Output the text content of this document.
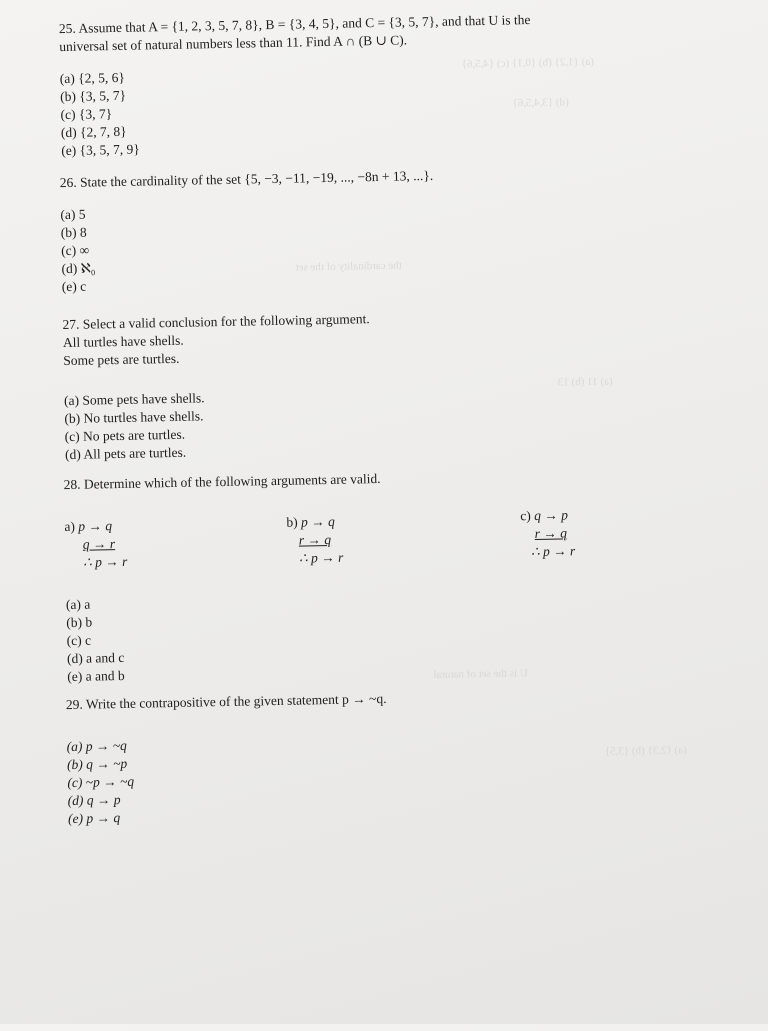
(a) {1,2} (b) {0,1} (c) {4,5,6}
(d) {3,4,5,6}
the cardinality of the set
(a) 11 (b) 13
U is the set of natural
(a) {2,3} (b) {3,5}

25. Assume that A = {1, 2, 3, 5, 7, 8}, B = {3, 4, 5}, and C = {3, 5, 7}, and that U is the

universal set of natural numbers less than 11. Find A ∩ (B ∪ C).

(a) {2, 5, 6}
(b) {3, 5, 7}
(c) {3, 7}
(d) {2, 7, 8}
(e) {3, 5, 7, 9}

26. State the cardinality of the set {5, −3, −11, −19, ..., −8n + 13, ...}.

(a) 5
(b) 8
(c) ∞
(d) ℵ₀
(e) c

27. Select a valid conclusion for the following argument.

All turtles have shells.

Some pets are turtles.

(a) Some pets have shells.
(b) No turtles have shells.
(c) No pets are turtles.
(d) All pets are turtles.

28. Determine which of the following arguments are valid.

a) p → q
q → r
∴ p → r
b) p → q
r → q
∴ p → r
c) q → p
r → q
∴ p → r
(a) a
(b) b
(c) c
(d) a and c
(e) a and b

29. Write the contrapositive of the given statement p → ~q.

(a) p → ~q
(b) q → ~p
(c) ~p → ~q
(d) q → p
(e) p → q
